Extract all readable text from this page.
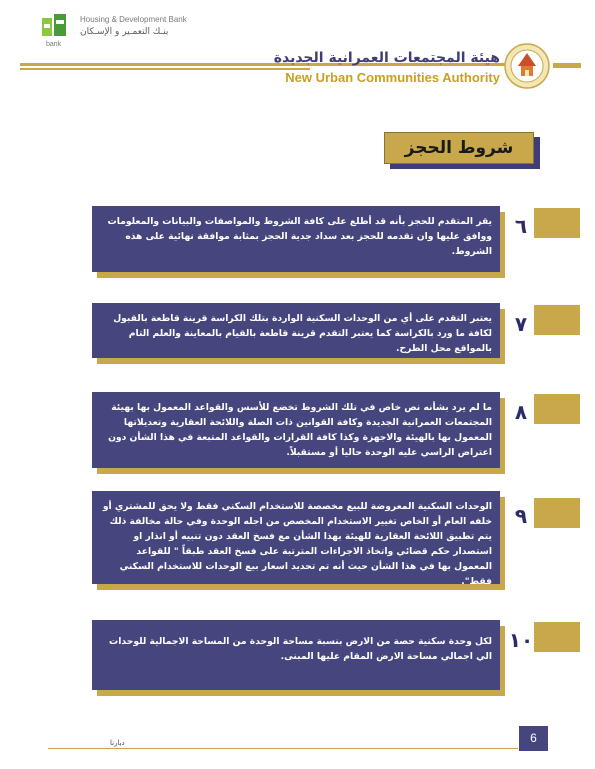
Housing & Development Bank
بنـك التعمـير و الإسـكان
bank
هيئة المجتمعات العمرانية الجديدة
New Urban Communities Authority
شروط الحجز
٦
يقر المتقدم للحجز بأنه قد أطلع على كافة الشروط والمواصفات والبيانات والمعلومات ووافق عليها وان تقدمه للحجز بعد سداد جدية الحجز بمثابة موافقة نهائية على هذه الشروط.
٧
يعتبر التقدم على أي من الوحدات السكنية الواردة بتلك الكراسة قرينة قاطعة بالقبول لكافة ما ورد بالكراسة كما يعتبر التقدم قرينة قاطعة بالقيام بالمعاينة والعلم التام بالمواقع محل الطرح.
٨
ما لم يرد بشأنه نص خاص في تلك الشروط تخضع للأسس والقواعد المعمول بها بهيئة المجتمعات العمرانية الجديدة وكافة القوانين ذات الصلة واللائحة العقارية وتعديلاتها المعمول بها بالهيئة والاجهزة وكذا كافة القرارات والقواعد المتبعة في هذا الشأن دون اعتراض الراسي عليه الوحدة حاليا أو مستقبلاً.
٩
الوحدات السكنية المعروضة للبيع مخصصة للاستخدام السكني فقط ولا يحق للمشتري أو خلفه العام أو الخاص تغيير الاستخدام المخصص من اجله الوحدة وفي حالة مخالفة ذلك يتم تطبيق اللائحة العقارية للهيئة بهذا الشأن مع فسخ العقد دون تنبيه أو انذار او استصدار حكم قضائي واتخاذ الاجراءات المترتبة على فسخ العقد طبقاً " للقواعد المعمول بها في هذا الشأن حيث أنه تم تحديد اسعار بيع الوحدات للاستخدام السكني فقط".
١٠
لكل وحدة سكنية حصة من الارض بنسبة مساحة الوحدة من المساحة الاجمالية للوحدات الي اجمالي مساحة الارض المقام عليها المبنى.
ديارنا	6
